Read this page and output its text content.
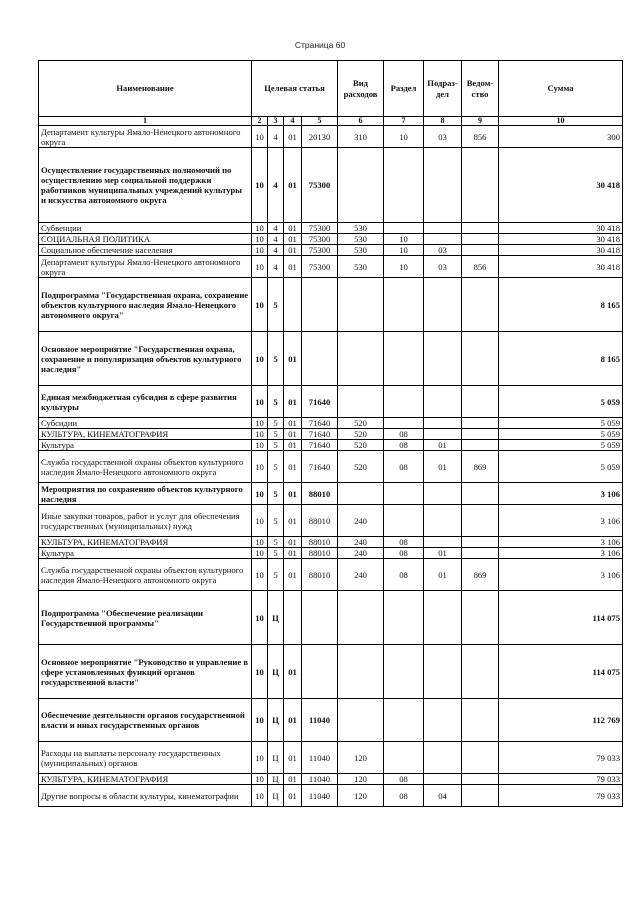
Страница 60
Наименование	Целевая статья				Вид расходов	Раздел	Подраз-дел	Ведом-ство	Сумма
1	2	3	4	5	6	7	8	9	10
Департамент культуры Ямало-Ненецкого автономного округа	10	4	01	20130	310	10	03	856	300
Осуществление государственных полномочий по осуществлению мер социальной поддержки работников муниципальных учреждений культуры и искусства автономного округа	10	4	01	75300					30 418
Субвенции	10	4	01	75300	530				30 418
СОЦИАЛЬНАЯ ПОЛИТИКА	10	4	01	75300	530	10			30 418
Социальное обеспечение населения	10	4	01	75300	530	10	03		30 418
Департамент культуры Ямало-Ненецкого автономного округа	10	4	01	75300	530	10	03	856	30 418
Подпрограмма "Государственная охрана, сохранение объектов культурного наследия Ямало-Ненецкого автономного округа"	10	5							8 165
Основное мероприятие "Государственная охрана, сохранение и популяризация объектов культурного наследия"	10	5	01						8 165
Единая межбюджетная субсидия в сфере развития культуры	10	5	01	71640					5 059
Субсидии	10	5	01	71640	520				5 059
КУЛЬТУРА, КИНЕМАТОГРАФИЯ	10	5	01	71640	520	08			5 059
Культура	10	5	01	71640	520	08	01		5 059
Служба государственной охраны объектов культурного наследия Ямало-Ненецкого автономного округа	10	5	01	71640	520	08	01	869	5 059
Мероприятия по сохранению объектов культурного наследия	10	5	01	88010					3 106
Иные закупки товаров, работ и услуг для обеспечения государственных (муниципальных) нужд	10	5	01	88010	240				3 106
КУЛЬТУРА, КИНЕМАТОГРАФИЯ	10	5	01	88010	240	08			3 106
Культура	10	5	01	88010	240	08	01		3 106
Служба государственной охраны объектов культурного наследия Ямало-Ненецкого автономного округа	10	5	01	88010	240	08	01	869	3 106
Подпрограмма "Обеспечение реализации Государственной программы"	10	Ц							114 075
Основное мероприятие "Руководство и управление в сфере установленных функций органов государственной власти"	10	Ц	01						114 075
Обеспечение деятельности органов государственной власти и иных государственных органов	10	Ц	01	11040					112 769
Расходы на выплаты персоналу государственных (муниципальных) органов	10	Ц	01	11040	120				79 033
КУЛЬТУРА, КИНЕМАТОГРАФИЯ	10	Ц	01	11040	120	08			79 033
Другие вопросы в области культуры, кинематографии	10	Ц	01	11040	120	08	04		79 033
